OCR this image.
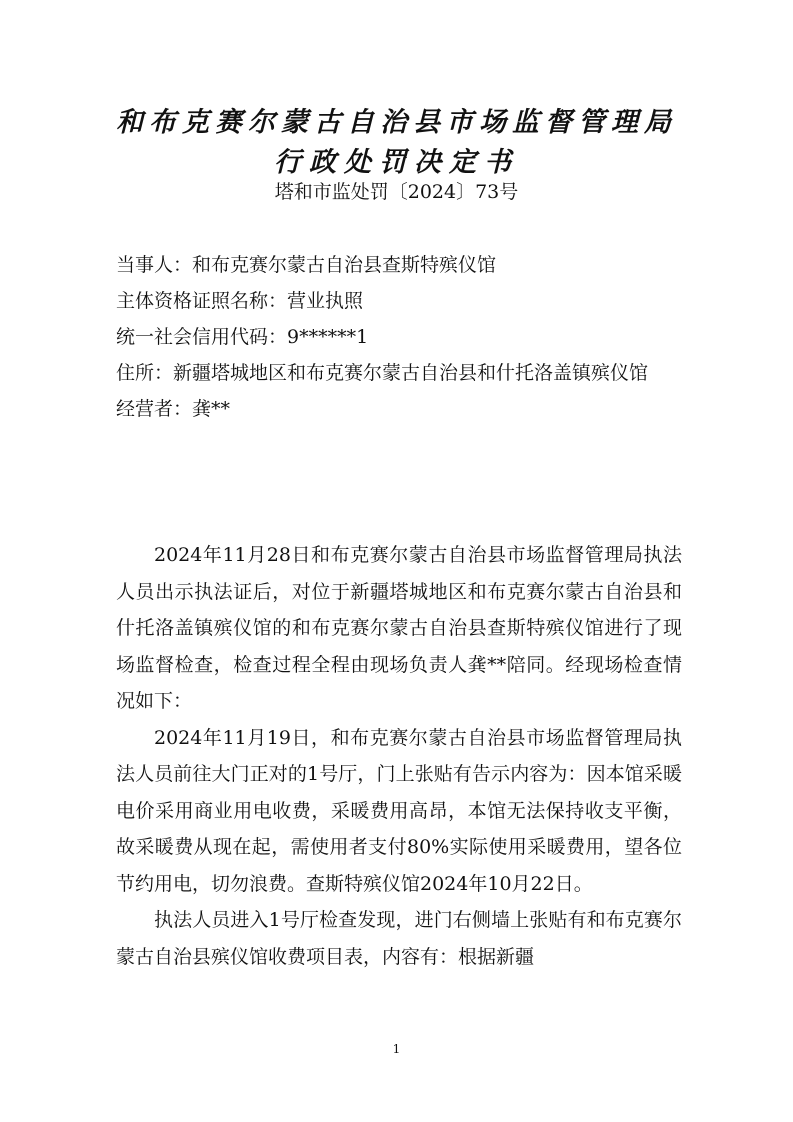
和布克赛尔蒙古自治县市场监督管理局
行政处罚决定书
塔和市监处罚〔2024〕73号
当事人：和布克赛尔蒙古自治县查斯特殡仪馆
主体资格证照名称：营业执照
统一社会信用代码：9******1
住所：新疆塔城地区和布克赛尔蒙古自治县和什托洛盖镇殡仪馆
经营者：龚**

2024年11月28日和布克赛尔蒙古自治县市场监督管理局执法人员出示执法证后，对位于新疆塔城地区和布克赛尔蒙古自治县和什托洛盖镇殡仪馆的和布克赛尔蒙古自治县查斯特殡仪馆进行了现场监督检查，检查过程全程由现场负责人龚**陪同。经现场检查情况如下：

2024年11月19日，和布克赛尔蒙古自治县市场监督管理局执法人员前往大门正对的1号厅，门上张贴有告示内容为：因本馆采暖电价采用商业用电收费，采暖费用高昂，本馆无法保持收支平衡，故采暖费从现在起，需使用者支付80%实际使用采暖费用，望各位节约用电，切勿浪费。查斯特殡仪馆2024年10月22日。

执法人员进入1号厅检查发现，进门右侧墙上张贴有和布克赛尔蒙古自治县殡仪馆收费项目表，内容有：根据新疆

1
